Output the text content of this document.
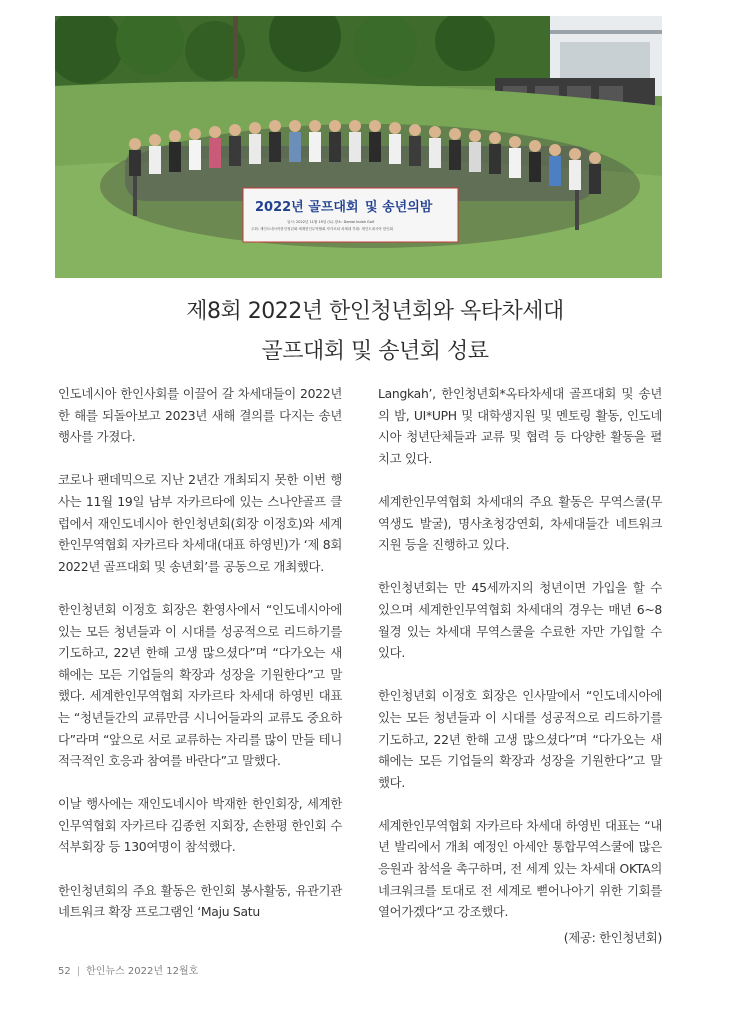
2022년 골프대회 및 송년의밤
일시: 2022년 11월 19일 (토) 장소: Damai Indah Golf
주최: 재인도네시아한인청년회·세계한인무역협회 자카르타 차세대 후원: 재인도네시아 한인회
제8회 2022년 한인청년회와 옥타차세대
골프대회 및 송년회 성료

인도네시아 한인사회를 이끌어 갈 차세대들이 2022년 한 해를 되돌아보고 2023년 새해 결의를 다지는 송년행사를 가졌다.

코로나 팬데믹으로 지난 2년간 개최되지 못한 이번 행사는 11월 19일 남부 자카르타에 있는 스나얀골프 클럽에서 재인도네시아 한인청년회(회장 이정호)와 세계한인무역협회 자카르타 차세대(대표 하영빈)가 ‘제 8회 2022년 골프대회 및 송년회’를 공동으로 개최했다.

한인청년회 이정호 회장은 환영사에서 “인도네시아에 있는 모든 청년들과 이 시대를 성공적으로 리드하기를 기도하고, 22년 한해 고생 많으셨다”며 “다가오는 새해에는 모든 기업들의 확장과 성장을 기원한다”고 말했다. 세계한인무역협회 자카르타 차세대 하영빈 대표는 “청년들간의 교류만큼 시니어들과의 교류도 중요하다”라며 “앞으로 서로 교류하는 자리를 많이 만들 테니 적극적인 호응과 참여를 바란다”고 말했다.

이날 행사에는 재인도네시아 박재한 한인회장, 세계한인무역협회 자카르타 김종헌 지회장, 손한평 한인회 수석부회장 등 130여명이 참석했다.

한인청년회의 주요 활동은 한인회 봉사활동, 유관기관 네트워크 확장 프로그램인 ‘Maju Satu

Langkah’, 한인청년회*옥타차세대 골프대회 및 송년의 밤, UI*UPH 및 대학생지원 및 멘토링 활동, 인도네시아 청년단체들과 교류 및 협력 등 다양한 활동을 펼치고 있다.

세계한인무역협회 차세대의 주요 활동은 무역스쿨(무역생도 발굴), 명사초청강연회, 차세대들간 네트워크 지원 등을 진행하고 있다.

한인청년회는 만 45세까지의 청년이면 가입을 할 수 있으며 세계한인무역협회 차세대의 경우는 매년 6~8월경 있는 차세대 무역스쿨을 수료한 자만 가입할 수 있다.

한인청년회 이정호 회장은 인사말에서 “인도네시아에 있는 모든 청년들과 이 시대를 성공적으로 리드하기를 기도하고, 22년 한해 고생 많으셨다”며 “다가오는 새해에는 모든 기업들의 확장과 성장을 기원한다”고 말했다.

세계한인무역협회 자카르타 차세대 하영빈 대표는 “내년 발리에서 개최 예정인 아세안 통합무역스쿨에 많은 응원과 참석을 촉구하며, 전 세계 있는 차세대 OKTA의 네크워크를 토대로 전 세계로 뻗어나아기 위한 기회를 열어가겠다“고 강조했다.

(제공: 한인청년회)
52 | 한인뉴스 2022년 12월호
